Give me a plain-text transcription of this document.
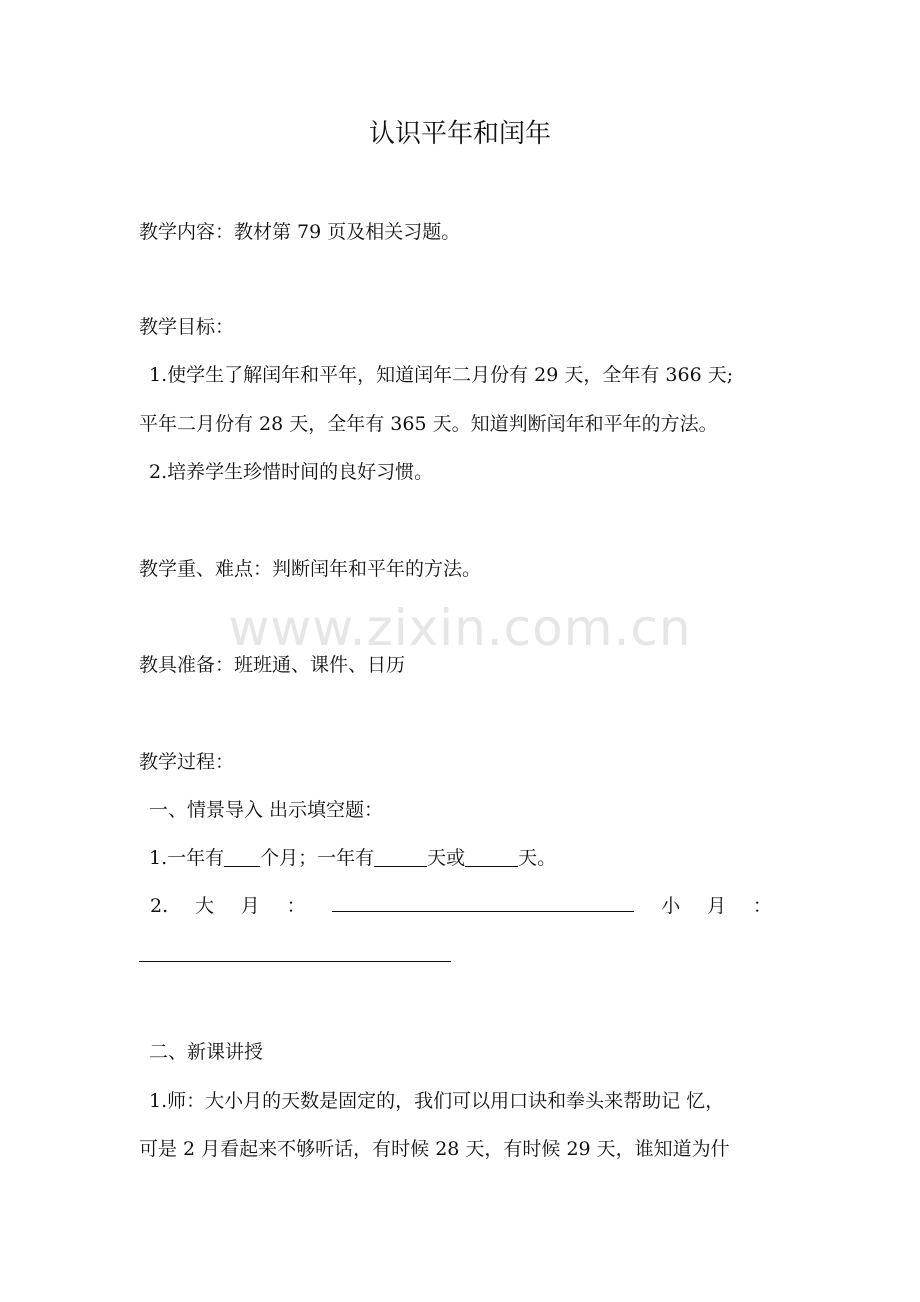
www.zixin.com.cn
认识平年和闰年
教学内容：教材第 79 页及相关习题。
教学目标：
1.使学生了解闰年和平年，知道闰年二月份有 29 天，全年有 366 天;
平年二月份有 28 天，全年有 365 天。知道判断闰年和平年的方法。
2.培养学生珍惜时间的良好习惯。
教学重、难点：判断闰年和平年的方法。
教具准备：班班通、课件、日历
教学过程：
一、情景导入 出示填空题：
1.一年有 个月；一年有	天或	天。
2. 大 月 ：	小 月 ：
二、新课讲授
1.师：大小月的天数是固定的，我们可以用口诀和拳头来帮助记 忆，
可是 2 月看起来不够听话，有时候 28 天，有时候 29 天，谁知道为什
